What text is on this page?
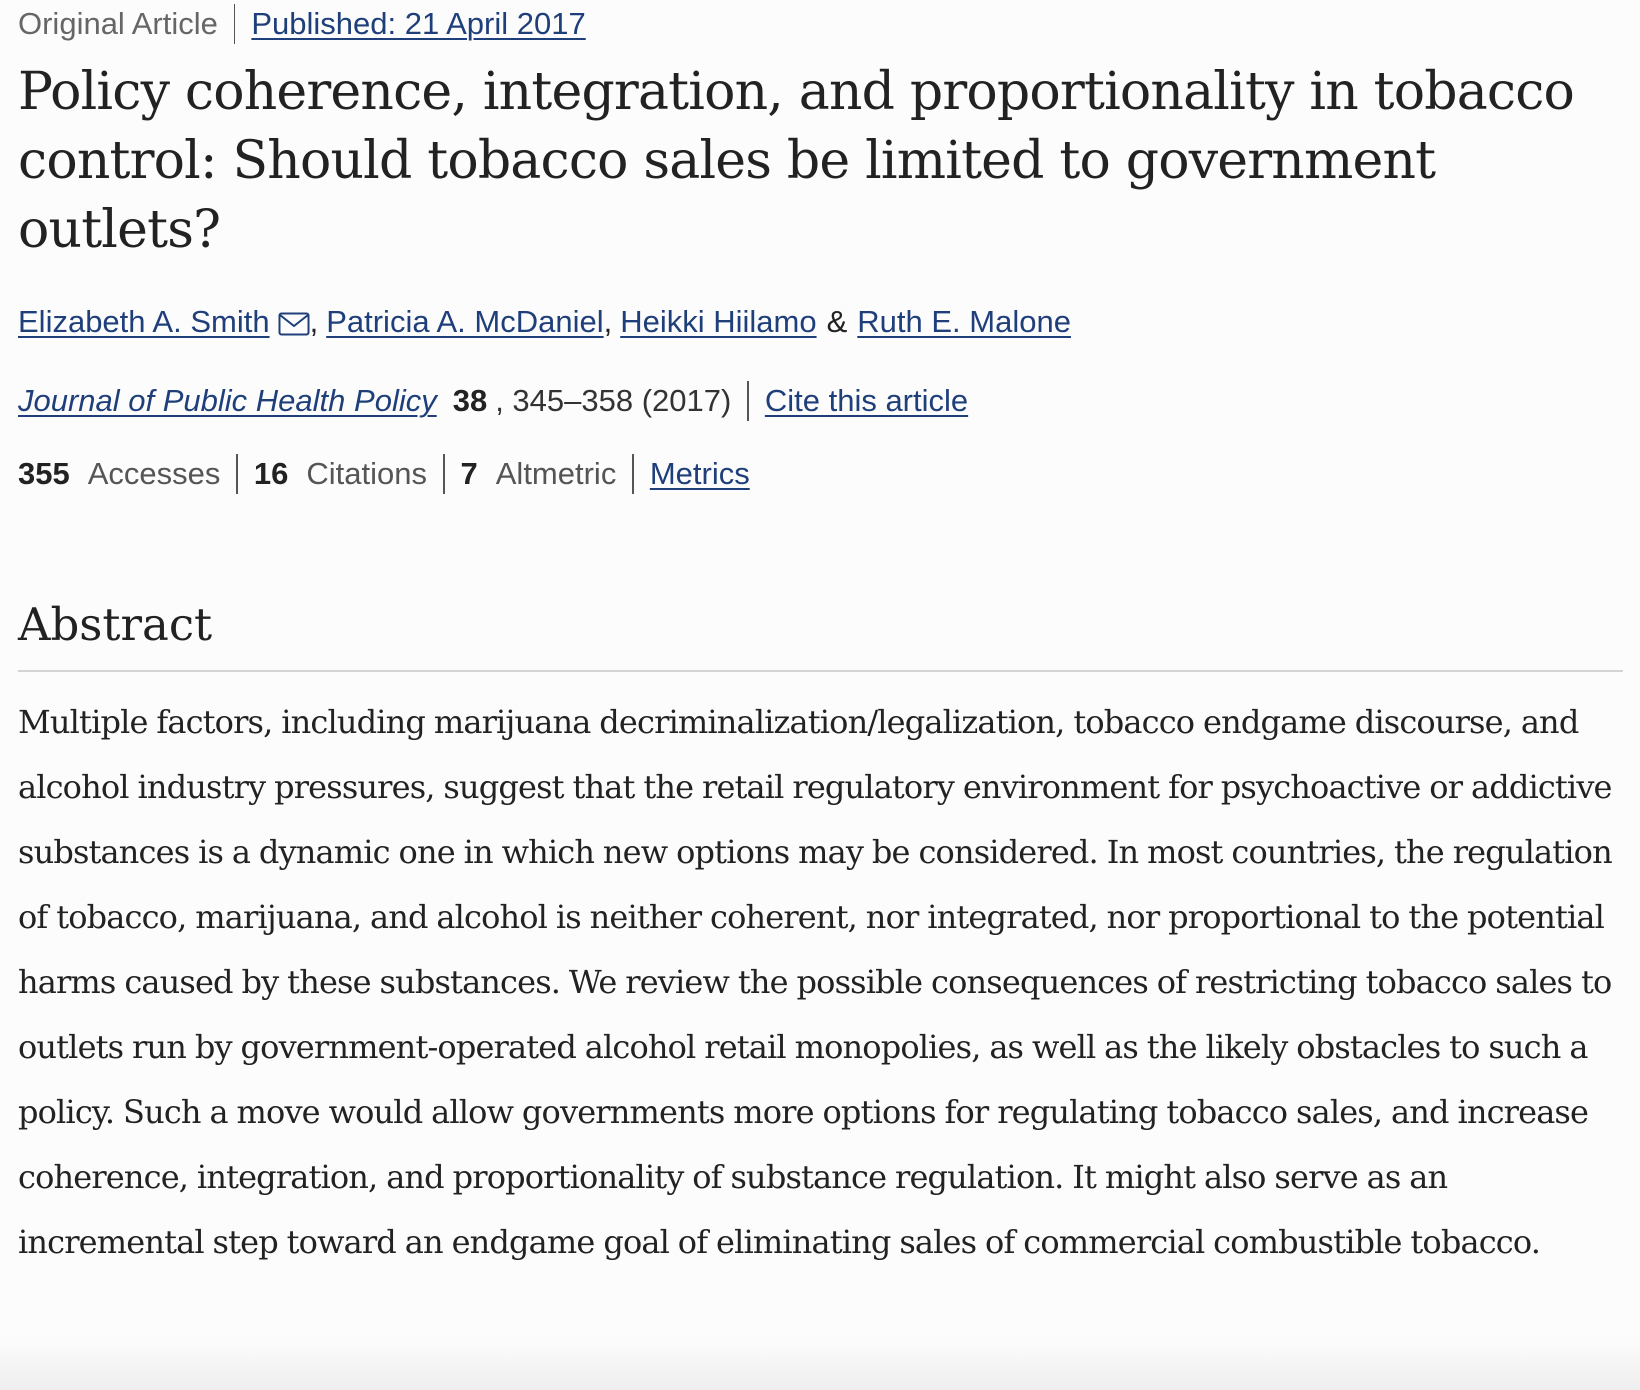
Original Article Published: 21 April 2017
Policy coherence, integration, and proportionality in tobacco control: Should tobacco sales be limited to government outlets?
Elizabeth A. Smith , Patricia A. McDaniel , Heikki Hiilamo & Ruth E. Malone
Journal of Public Health Policy 38 , 345–358 (2017) Cite this article
355 Accesses 16 Citations 7 Altmetric Metrics
Abstract

Multiple factors, including marijuana decriminalization/legalization, tobacco endgame discourse, and alcohol industry pressures, suggest that the retail regulatory environment for psychoactive or addictive substances is a dynamic one in which new options may be considered. In most countries, the regulation of tobacco, marijuana, and alcohol is neither coherent, nor integrated, nor proportional to the potential harms caused by these substances. We review the possible consequences of restricting tobacco sales to outlets run by government-operated alcohol retail monopolies, as well as the likely obstacles to such a policy. Such a move would allow governments more options for regulating tobacco sales, and increase coherence, integration, and proportionality of substance regulation. It might also serve as an incremental step toward an endgame goal of eliminating sales of commercial combustible tobacco.
